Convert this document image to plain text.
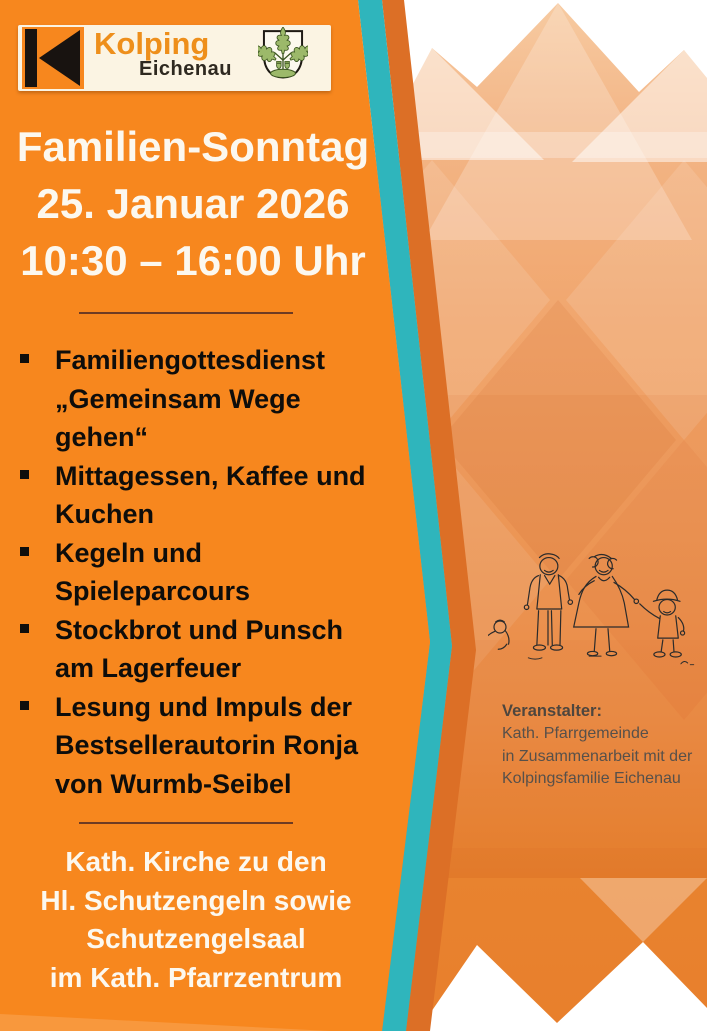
Kolping
Eichenau
Familien-Sonntag
25. Januar 2026
10:30 – 16:00 Uhr
Familiengottesdienst
„Gemeinsam Wege
gehen“
Mittagessen, Kaffee und
Kuchen
Kegeln und
Spieleparcours
Stockbrot und Punsch
am Lagerfeuer
Lesung und Impuls der
Bestsellerautorin Ronja
von Wurmb-Seibel
Kath. Kirche zu den
Hl. Schutzengeln sowie
Schutzengelsaal
im Kath. Pfarrzentrum
Veranstalter:
Kath. Pfarrgemeinde
in Zusammenarbeit mit der
Kolpingsfamilie Eichenau
